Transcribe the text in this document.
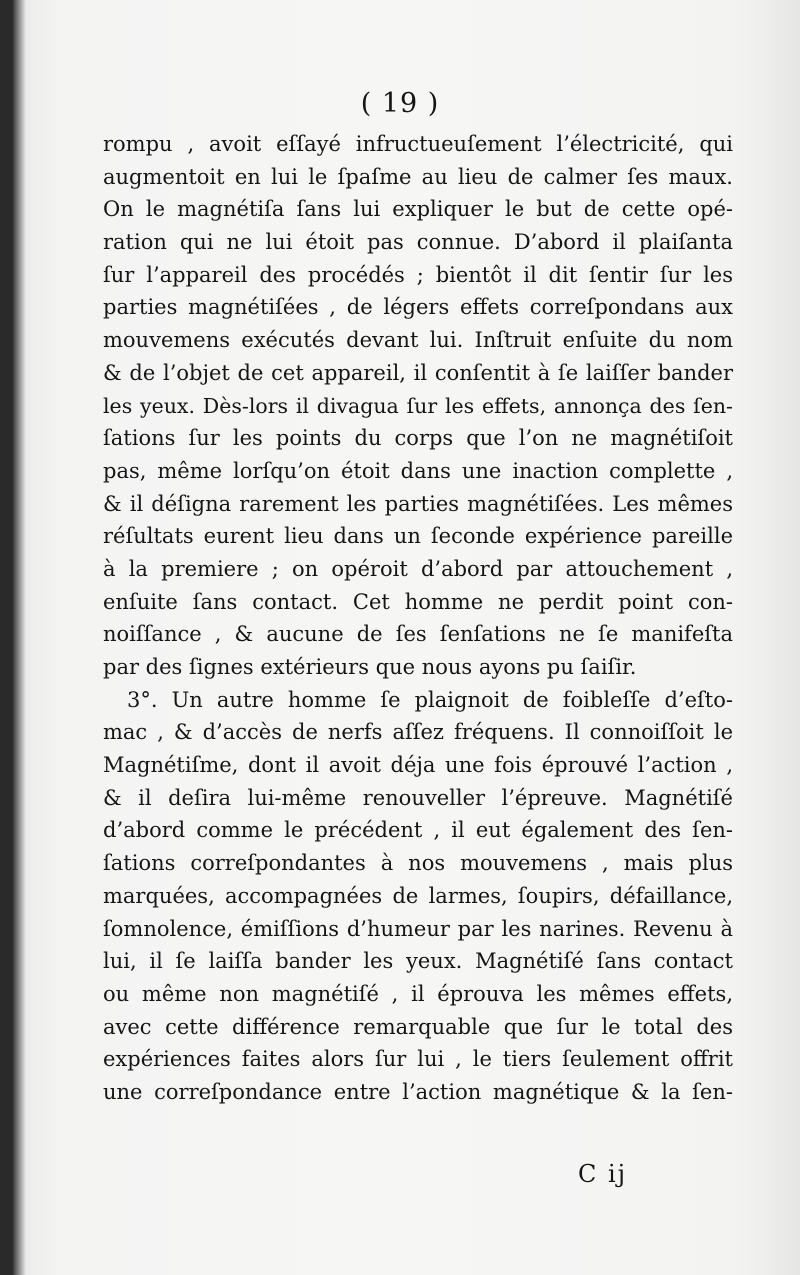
( 19 )
rompu , avoit eſſayé infructueuſement l’électricité, qui
augmentoit en lui le ſpaſme au lieu de calmer ſes maux.
On le magnétiſa ſans lui expliquer le but de cette opé-
ration qui ne lui étoit pas connue. D’abord il plaiſanta
ſur l’appareil des procédés ; bientôt il dit ſentir ſur les
parties magnétiſées , de légers effets correſpondans aux
mouvemens exécutés devant lui. Inſtruit enſuite du nom
& de l’objet de cet appareil, il conſentit à ſe laiſſer bander
les yeux. Dès-lors il divagua ſur les effets, annonça des ſen-
ſations ſur les points du corps que l’on ne magnétiſoit
pas, même lorſqu’on étoit dans une inaction complette ,
& il déſigna rarement les parties magnétiſées. Les mêmes
réſultats eurent lieu dans un ſeconde expérience pareille
à la premiere ; on opéroit d’abord par attouchement ,
enſuite ſans contact. Cet homme ne perdit point con-
noiſſance , & aucune de ſes ſenſations ne ſe manifeſta
par des ſignes extérieurs que nous ayons pu ſaiſir.
3°. Un autre homme ſe plaignoit de foibleſſe d’eſto-
mac , & d’accès de nerfs aſſez fréquens. Il connoiſſoit le
Magnétiſme, dont il avoit déja une fois éprouvé l’action ,
& il deſira lui-même renouveller l’épreuve. Magnétiſé
d’abord comme le précédent , il eut également des ſen-
ſations correſpondantes à nos mouvemens , mais plus
marquées, accompagnées de larmes, ſoupirs, défaillance,
ſomnolence, émiſſions d’humeur par les narines. Revenu à
lui, il ſe laiſſa bander les yeux. Magnétiſé ſans contact
ou même non magnétiſé , il éprouva les mêmes effets,
avec cette différence remarquable que ſur le total des
expériences faites alors ſur lui , le tiers ſeulement offrit
une correſpondance entre l’action magnétique & la ſen-
C ij
